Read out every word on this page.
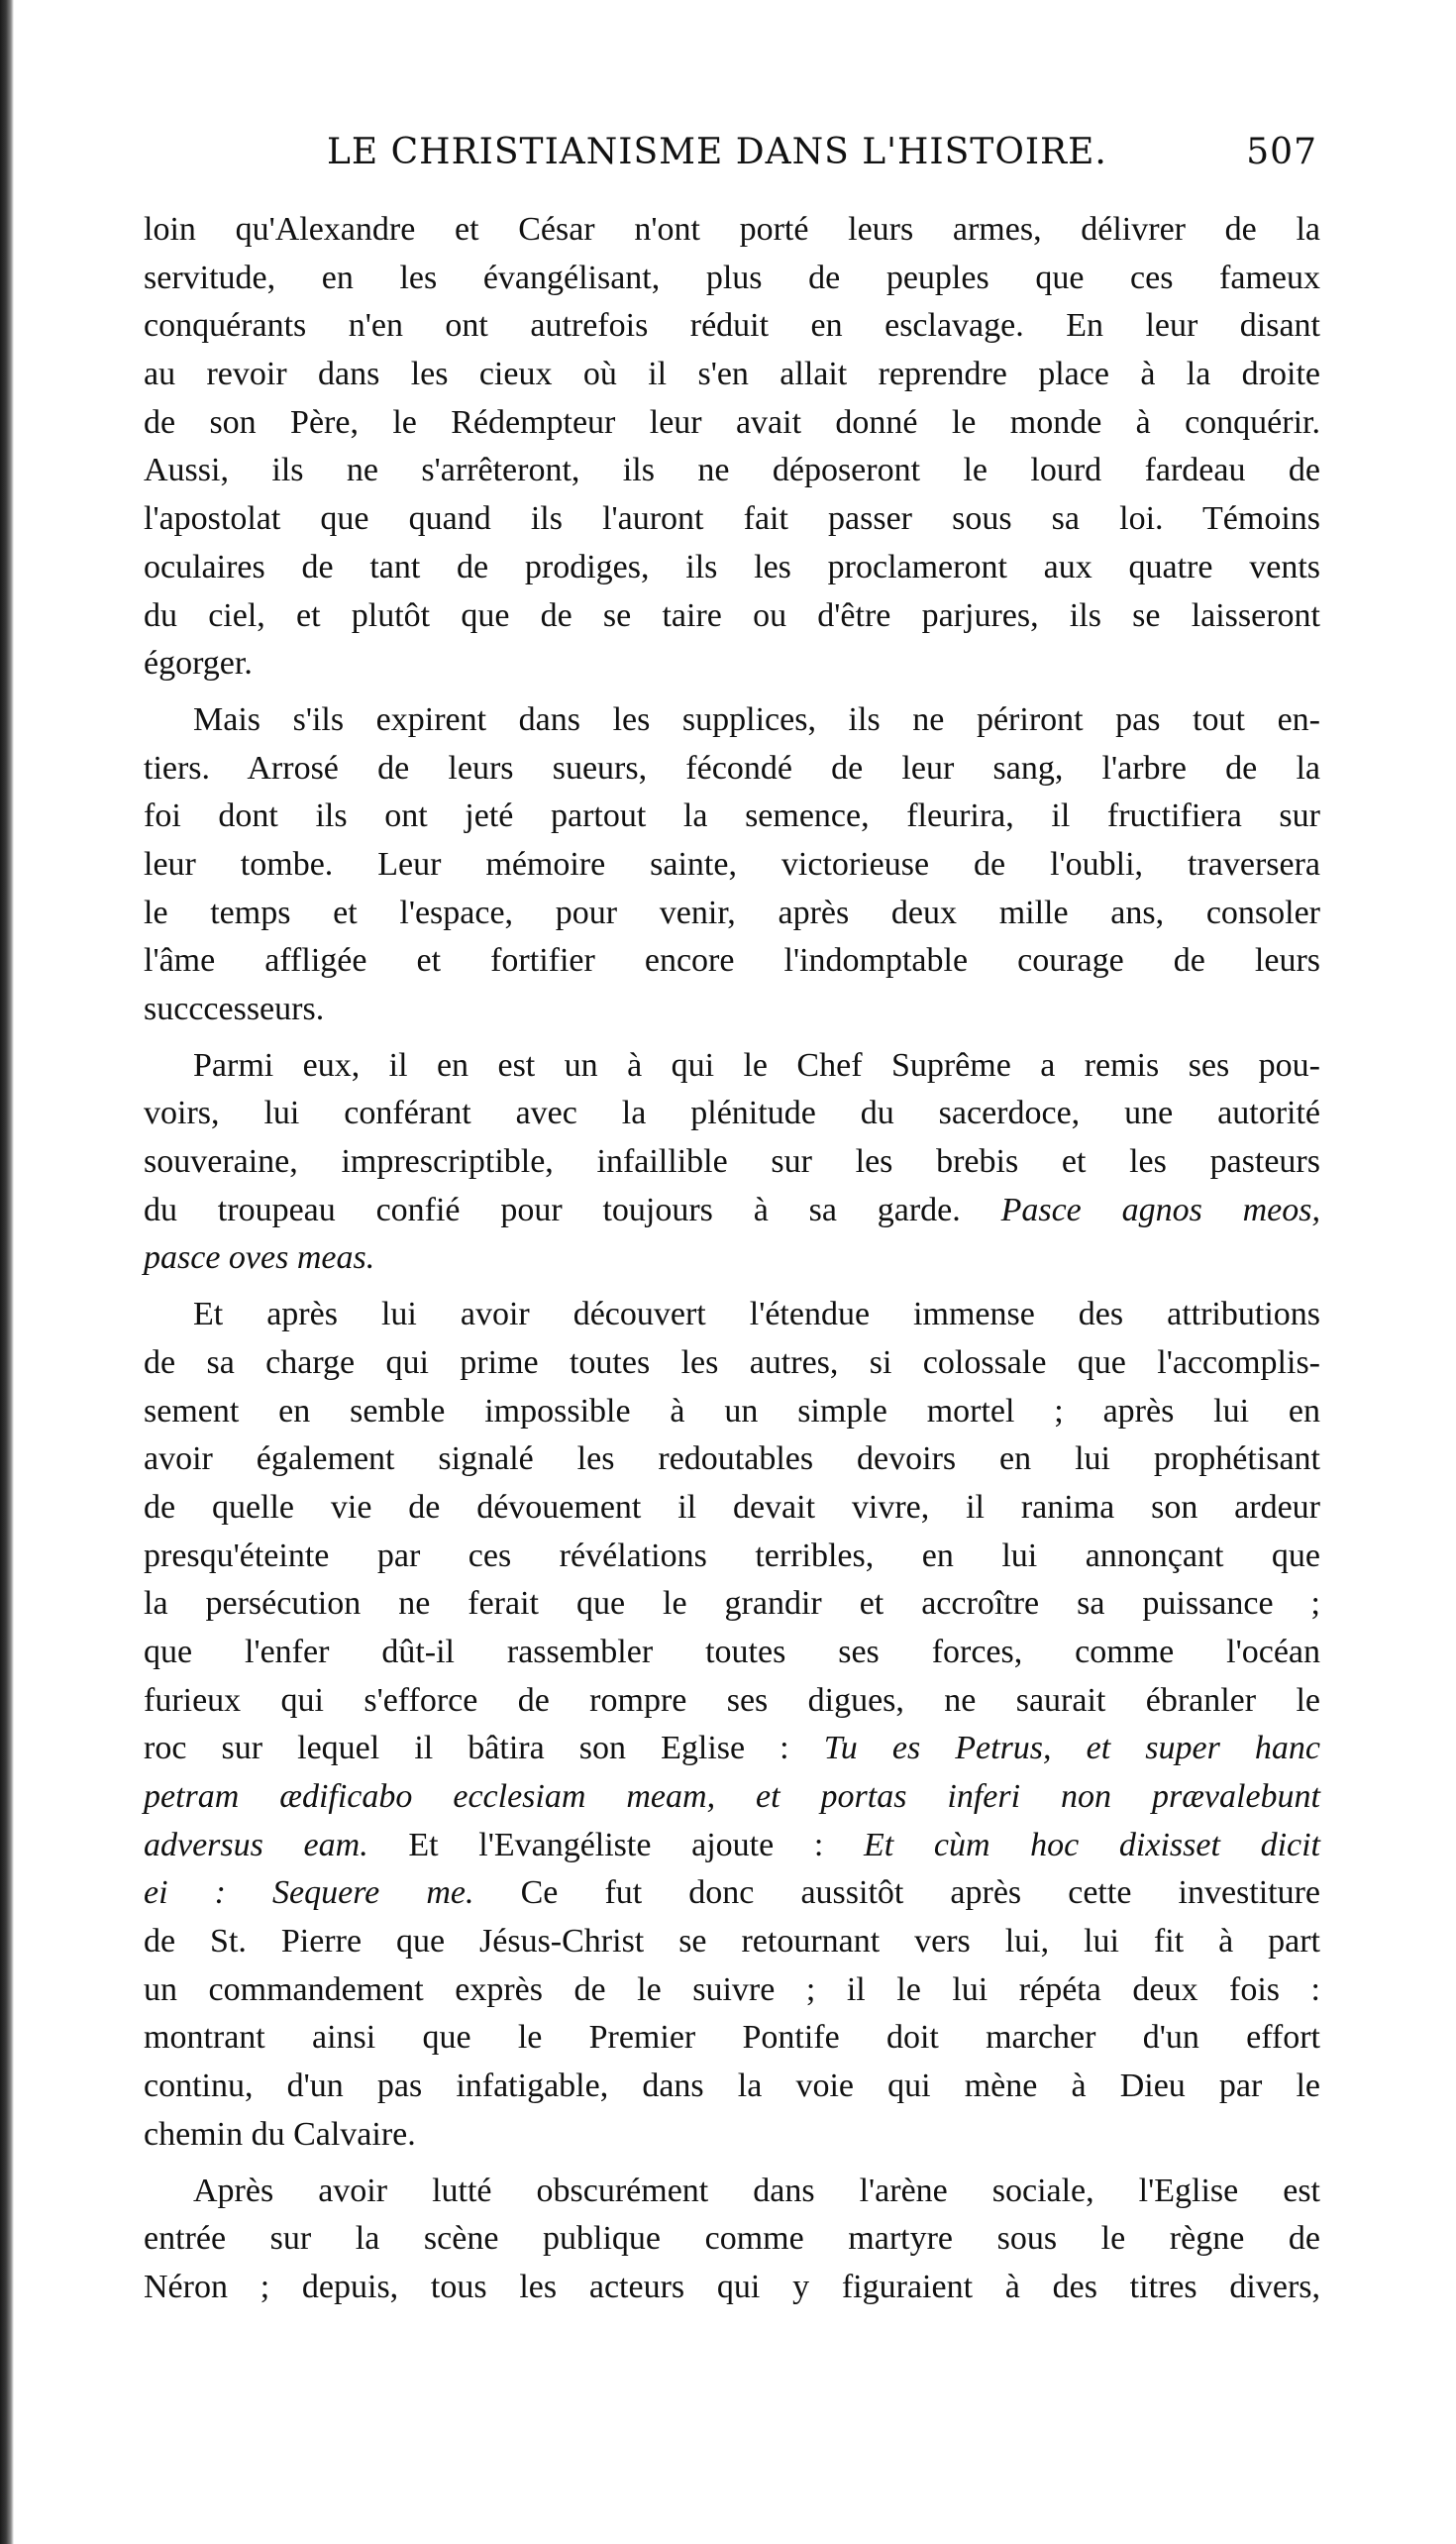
LE CHRISTIANISME DANS L'HISTOIRE.	507
loin qu'Alexandre et César n'ont porté leurs armes, délivrer de la
servitude, en les évangélisant, plus de peuples que ces fameux
conquérants n'en ont autrefois réduit en esclavage. En leur disant
au revoir dans les cieux où il s'en allait reprendre place à la droite
de son Père, le Rédempteur leur avait donné le monde à conquérir.
Aussi, ils ne s'arrêteront, ils ne déposeront le lourd fardeau de
l'apostolat que quand ils l'auront fait passer sous sa loi. Témoins
oculaires de tant de prodiges, ils les proclameront aux quatre vents
du ciel, et plutôt que de se taire ou d'être parjures, ils se laisseront
égorger.
Mais s'ils expirent dans les supplices, ils ne périront pas tout en-
tiers. Arrosé de leurs sueurs, fécondé de leur sang, l'arbre de la
foi dont ils ont jeté partout la semence, fleurira, il fructifiera sur
leur tombe. Leur mémoire sainte, victorieuse de l'oubli, traversera
le temps et l'espace, pour venir, après deux mille ans, consoler
l'âme affligée et fortifier encore l'indomptable courage de leurs
succcesseurs.
Parmi eux, il en est un à qui le Chef Suprême a remis ses pou-
voirs, lui conférant avec la plénitude du sacerdoce, une autorité
souveraine, imprescriptible, infaillible sur les brebis et les pasteurs
du troupeau confié pour toujours à sa garde. Pasce agnos meos,
pasce oves meas.
Et après lui avoir découvert l'étendue immense des attributions
de sa charge qui prime toutes les autres, si colossale que l'accomplis-
sement en semble impossible à un simple mortel ; après lui en
avoir également signalé les redoutables devoirs en lui prophétisant
de quelle vie de dévouement il devait vivre, il ranima son ardeur
presqu'éteinte par ces révélations terribles, en lui annonçant que
la persécution ne ferait que le grandir et accroître sa puissance ;
que l'enfer dût-il rassembler toutes ses forces, comme l'océan
furieux qui s'efforce de rompre ses digues, ne saurait ébranler le
roc sur lequel il bâtira son Eglise : Tu es Petrus, et super hanc
petram ædificabo ecclesiam meam, et portas inferi non prævalebunt
adversus eam. Et l'Evangéliste ajoute : Et cùm hoc dixisset dicit
ei : Sequere me. Ce fut donc aussitôt après cette investiture
de St. Pierre que Jésus-Christ se retournant vers lui, lui fit à part
un commandement exprès de le suivre ; il le lui répéta deux fois :
montrant ainsi que le Premier Pontife doit marcher d'un effort
continu, d'un pas infatigable, dans la voie qui mène à Dieu par le
chemin du Calvaire.
Après avoir lutté obscurément dans l'arène sociale, l'Eglise est
entrée sur la scène publique comme martyre sous le règne de
Néron ; depuis, tous les acteurs qui y figuraient à des titres divers,
